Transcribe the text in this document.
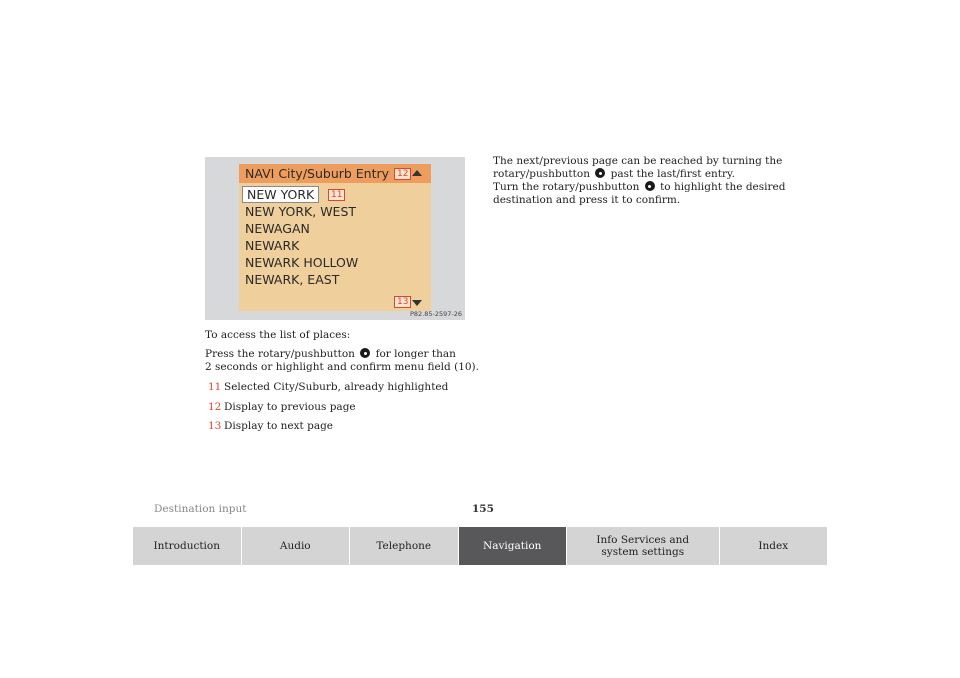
NAVI City/Suburb Entry 12
NEW YORK	11
NEW YORK, WEST
NEWAGAN
NEWARK
NEWARK HOLLOW
NEWARK, EAST
13
P82.85-2597-26
To access the list of places:
Press the rotary/pushbutton for longer than
2 seconds or highlight and confirm menu field (10).
11 Selected City/Suburb, already highlighted
12 Display to previous page
13 Display to next page
The next/previous page can be reached by turning the
rotary/pushbutton past the last/first entry.
Turn the rotary/pushbutton to highlight the desired
destination and press it to confirm.
Destination input	155
Introduction	Audio	Telephone	Navigation	Info Services and system settings	Index
